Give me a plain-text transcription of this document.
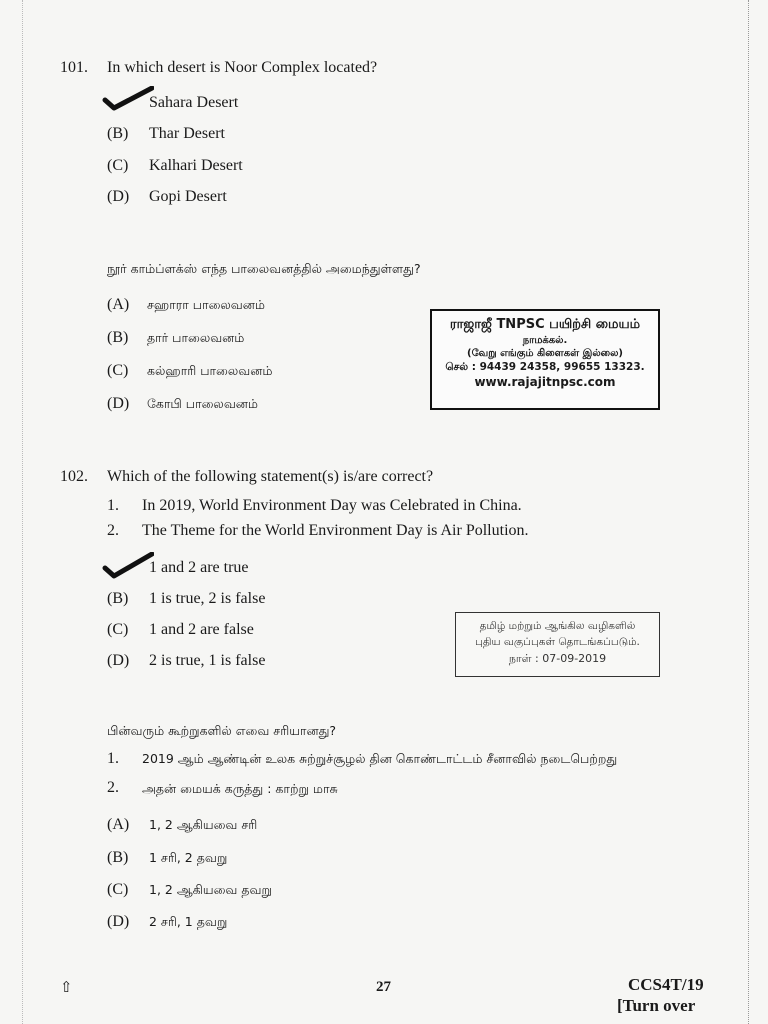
101. In which desert is Noor Complex located?
Sahara Desert
(B) Thar Desert
(C) Kalhari Desert
(D) Gopi Desert
நூர் காம்ப்ளக்ஸ் எந்த பாலைவனத்தில் அமைந்துள்ளது?
(A) சஹாரா பாலைவனம்
(B) தார் பாலைவனம்
(C) கல்ஹாரி பாலைவனம்
(D) கோபி பாலைவனம்
ராஜாஜீ TNPSC பயிற்சி மையம்
நாமக்கல்.
(வேறு எங்கும் கிளைகள் இல்லை)
செல் : 94439 24358, 99655 13323.
www.rajajitnpsc.com
102. Which of the following statement(s) is/are correct?
1. In 2019, World Environment Day was Celebrated in China.
2. The Theme for the World Environment Day is Air Pollution.
1 and 2 are true
(B) 1 is true, 2 is false
(C) 1 and 2 are false
(D) 2 is true, 1 is false
தமிழ் மற்றும் ஆங்கில வழிகளில்
புதிய வகுப்புகள் தொடங்கப்படும்.
நாள் : 07-09-2019
பின்வரும் கூற்றுகளில் எவை சரியானது?
1. 2019 ஆம் ஆண்டின் உலக சுற்றுச்சூழல் தின கொண்டாட்டம் சீனாவில் நடைபெற்றது
2. அதன் மையக் கருத்து : காற்று மாசு
(A) 1, 2 ஆகியவை சரி
(B) 1 சரி, 2 தவறு
(C) 1, 2 ஆகியவை தவறு
(D) 2 சரி, 1 தவறு
⇧	27	CCS4T/19
[Turn over
